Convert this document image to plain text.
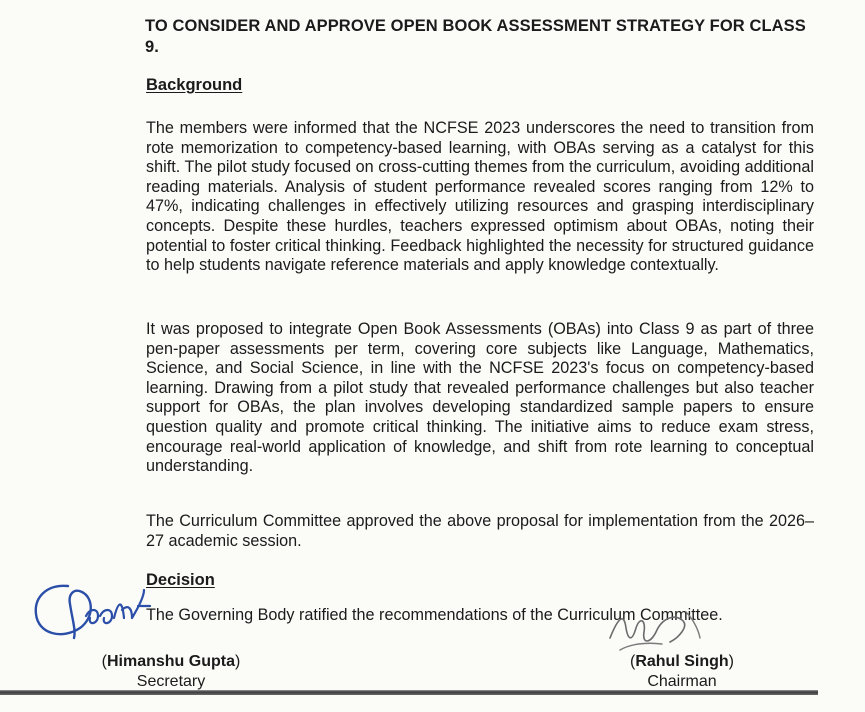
TO CONSIDER AND APPROVE OPEN BOOK ASSESSMENT STRATEGY FOR CLASS 9.
Background

The members were informed that the NCFSE 2023 underscores the need to transition from rote memorization to competency-based learning, with OBAs serving as a catalyst for this shift. The pilot study focused on cross-cutting themes from the curriculum, avoiding additional reading materials. Analysis of student performance revealed scores ranging from 12% to 47%, indicating challenges in effectively utilizing resources and grasping interdisciplinary concepts. Despite these hurdles, teachers expressed optimism about OBAs, noting their potential to foster critical thinking. Feedback highlighted the necessity for structured guidance to help students navigate reference materials and apply knowledge contextually.

It was proposed to integrate Open Book Assessments (OBAs) into Class 9 as part of three pen-paper assessments per term, covering core subjects like Language, Mathematics, Science, and Social Science, in line with the NCFSE 2023's focus on competency-based learning. Drawing from a pilot study that revealed performance challenges but also teacher support for OBAs, the plan involves developing standardized sample papers to ensure question quality and promote critical thinking. The initiative aims to reduce exam stress, encourage real-world application of knowledge, and shift from rote learning to conceptual understanding.

The Curriculum Committee approved the above proposal for implementation from the 2026–27 academic session.

Decision

The Governing Body ratified the recommendations of the Curriculum Committee.

(Himanshu Gupta)
Secretary
(Rahul Singh)
Chairman
